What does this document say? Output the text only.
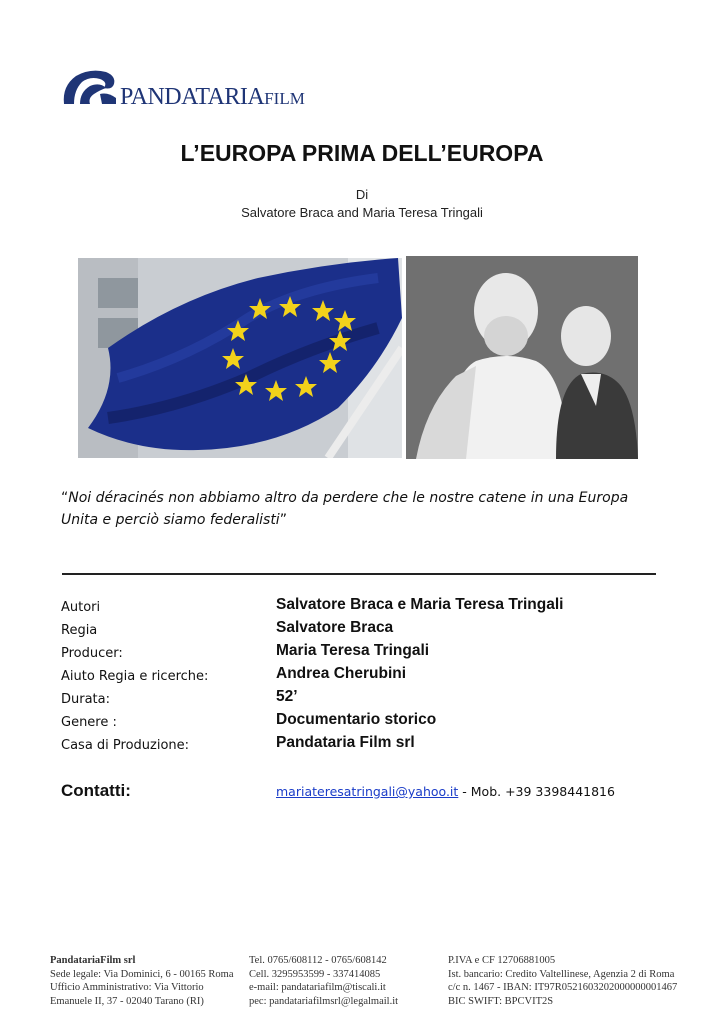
PANDATARIAFILM
L’EUROPA PRIMA DELL’EUROPA
Di
Salvatore Braca and Maria Teresa Tringali
“Noi déracinés non abbiamo altro da perdere che le nostre catene in una Europa Unita e perciò siamo federalisti”
Autori	Salvatore Braca e Maria Teresa Tringali
Regia	Salvatore Braca
Producer:	Maria Teresa Tringali
Aiuto Regia e ricerche:	Andrea Cherubini
Durata:	52’
Genere :	Documentario storico
Casa di Produzione:	Pandataria Film srl
Contatti:	mariateresatringali@yahoo.it - Mob. +39 3398441816
PandatariaFilm srl
Sede legale: Via Dominici, 6 - 00165 Roma
Ufficio Amministrativo: Via Vittorio
Emanuele II, 37 - 02040 Tarano (RI)
Tel. 0765/608112 - 0765/608142
Cell. 3295953599 - 337414085
e-mail: pandatariafilm@tiscali.it
pec: pandatariafilmsrl@legalmail.it
P.IVA e CF 12706881005
Ist. bancario: Credito Valtellinese, Agenzia 2 di Roma
c/c n. 1467 - IBAN: IT97R0521603202000000001467
BIC SWIFT: BPCVIT2S
